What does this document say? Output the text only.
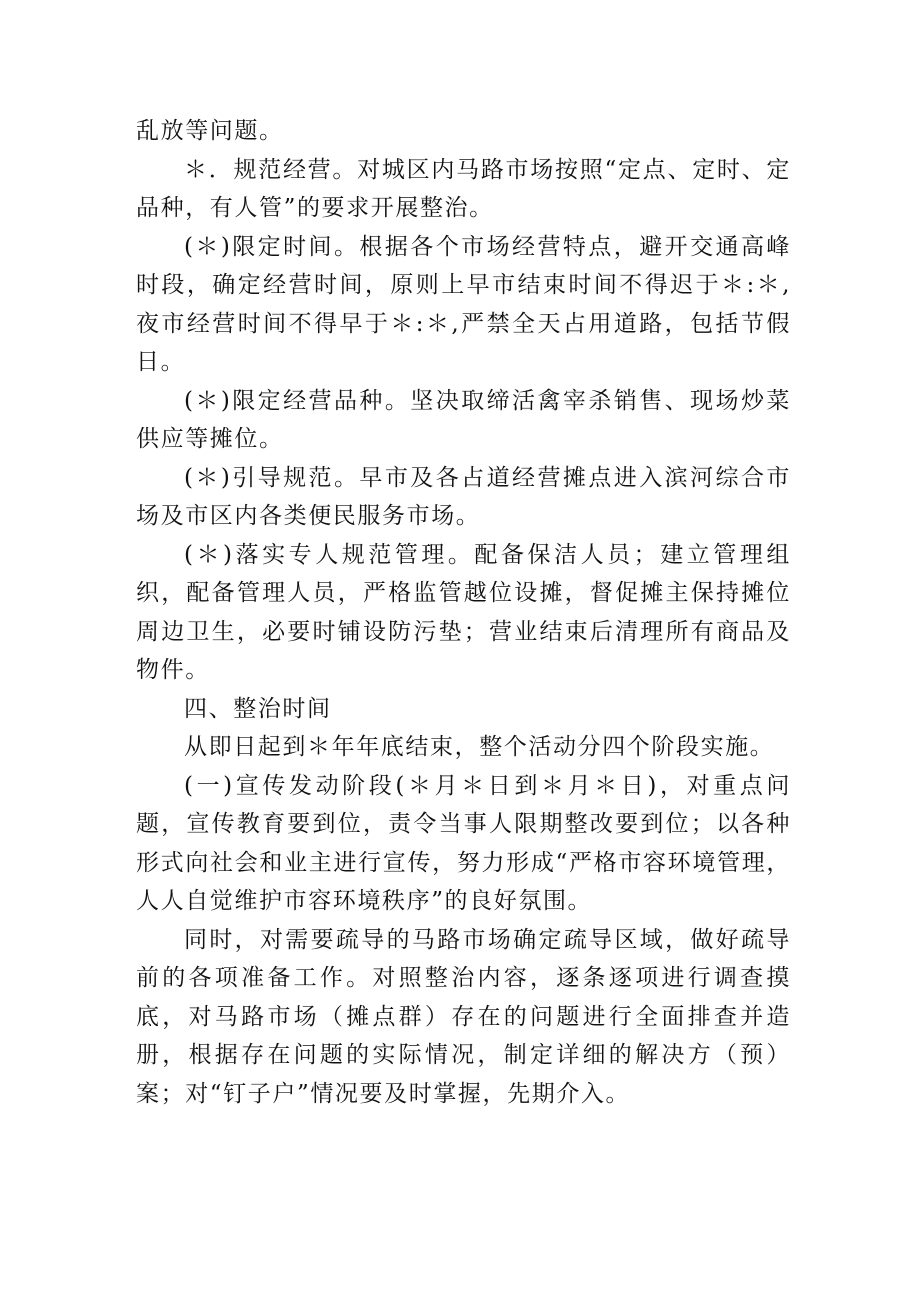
乱放等问题。

＊．规范经营。对城区内马路市场按照“定点、定时、定品种，有人管”的要求开展整治。

(＊)限定时间。根据各个市场经营特点，避开交通高峰时段，确定经营时间，原则上早市结束时间不得迟于＊:＊,夜市经营时间不得早于＊:＊,严禁全天占用道路，包括节假日。

(＊)限定经营品种。坚决取缔活禽宰杀销售、现场炒菜供应等摊位。

(＊)引导规范。早市及各占道经营摊点进入滨河综合市场及市区内各类便民服务市场。

(＊)落实专人规范管理。配备保洁人员；建立管理组织，配备管理人员，严格监管越位设摊，督促摊主保持摊位周边卫生，必要时铺设防污垫；营业结束后清理所有商品及物件。

四、整治时间

从即日起到＊年年底结束，整个活动分四个阶段实施。

(一)宣传发动阶段(＊月＊日到＊月＊日)，对重点问题，宣传教育要到位，责令当事人限期整改要到位；以各种形式向社会和业主进行宣传，努力形成“严格市容环境管理，人人自觉维护市容环境秩序”的良好氛围。

同时，对需要疏导的马路市场确定疏导区域，做好疏导前的各项准备工作。对照整治内容，逐条逐项进行调查摸底，对马路市场（摊点群）存在的问题进行全面排查并造册，根据存在问题的实际情况，制定详细的解决方（预）案；对“钉子户”情况要及时掌握，先期介入。
